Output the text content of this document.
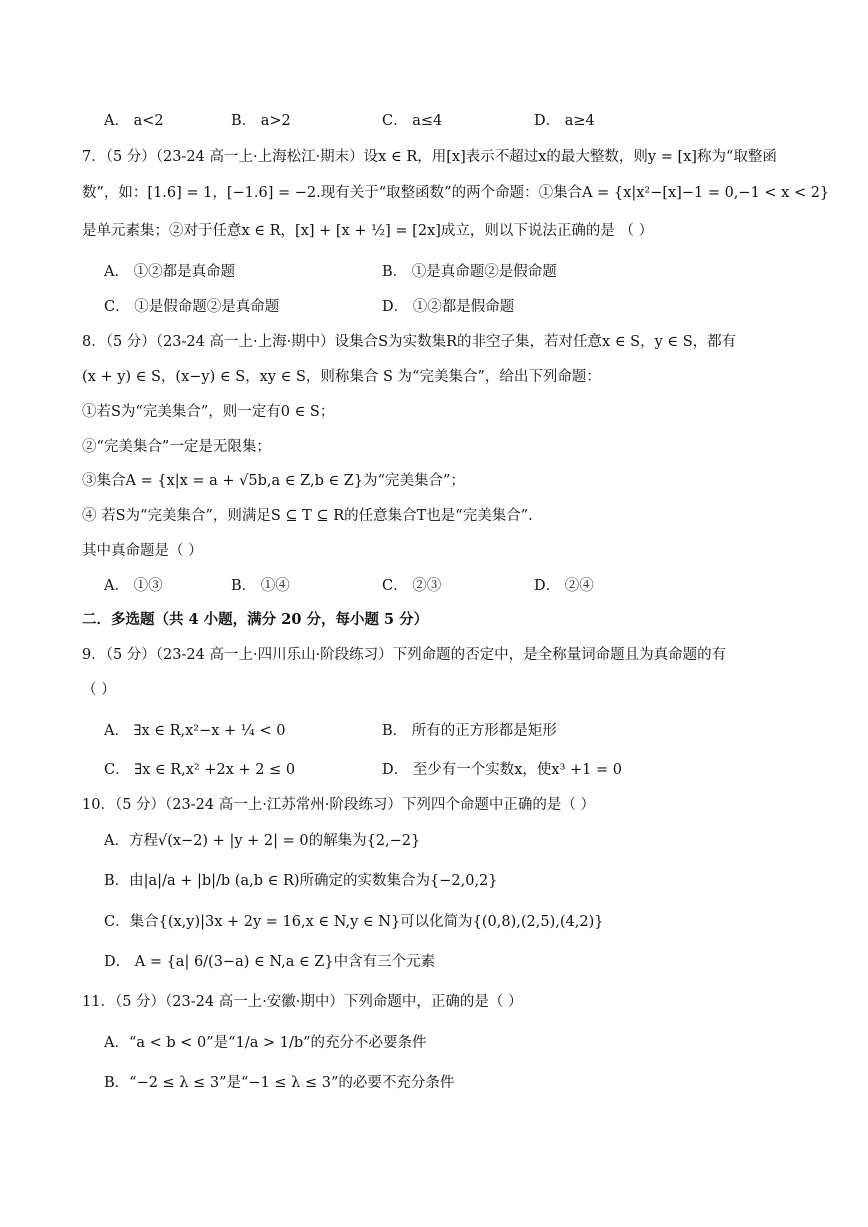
A． a<2	B． a>2	C． a≤4	D． a≥4
7．（5 分）（23-24 高一上·上海松江·期末）设x ∈ R，用[x]表示不超过x的最大整数，则y = [x]称为“取整函
数”，如：[1.6] = 1，[−1.6] = −2.现有关于“取整函数”的两个命题：①集合A = {x|x²−[x]−1 = 0,−1 < x < 2}
是单元素集；②对于任意x ∈ R，[x] + [x + ½] = [2x]成立，则以下说法正确的是 （ ）
A． ①②都是真命题	B． ①是真命题②是假命题
C． ①是假命题②是真命题	D． ①②都是假命题
8．（5 分）（23-24 高一上·上海·期中）设集合S为实数集R的非空子集，若对任意x ∈ S，y ∈ S，都有
(x + y) ∈ S，(x−y) ∈ S，xy ∈ S，则称集合 S 为“完美集合”，给出下列命题：
①若S为“完美集合”，则一定有0 ∈ S；
②“完美集合”一定是无限集；
③集合A = {x|x = a + √5b,a ∈ Z,b ∈ Z}为“完美集合”；
④ 若S为“完美集合”，则满足S ⊆ T ⊆ R的任意集合T也是“完美集合”.
其中真命题是（ ）
A． ①③	B． ①④	C． ②③	D． ②④
二．多选题（共 4 小题，满分 20 分，每小题 5 分）
9．（5 分）（23-24 高一上·四川乐山·阶段练习）下列命题的否定中，是全称量词命题且为真命题的有
（ ）
A． ∃x ∈ R,x²−x + ¼ < 0	B． 所有的正方形都是矩形
C． ∃x ∈ R,x² +2x + 2 ≤ 0	D． 至少有一个实数x，使x³ +1 = 0
10．（5 分）（23-24 高一上·江苏常州·阶段练习）下列四个命题中正确的是（ ）
A．方程√(x−2) + |y + 2| = 0的解集为{2,−2}
B．由|a|/a + |b|/b (a,b ∈ R)所确定的实数集合为{−2,0,2}
C．集合{(x,y)|3x + 2y = 16,x ∈ N,y ∈ N}可以化简为{(0,8),(2,5),(4,2)}
D． A = {a| 6/(3−a) ∈ N,a ∈ Z}中含有三个元素
11．（5 分）（23-24 高一上·安徽·期中）下列命题中，正确的是（ ）
A．“a < b < 0”是“1/a > 1/b”的充分不必要条件
B．“−2 ≤ λ ≤ 3”是“−1 ≤ λ ≤ 3”的必要不充分条件
